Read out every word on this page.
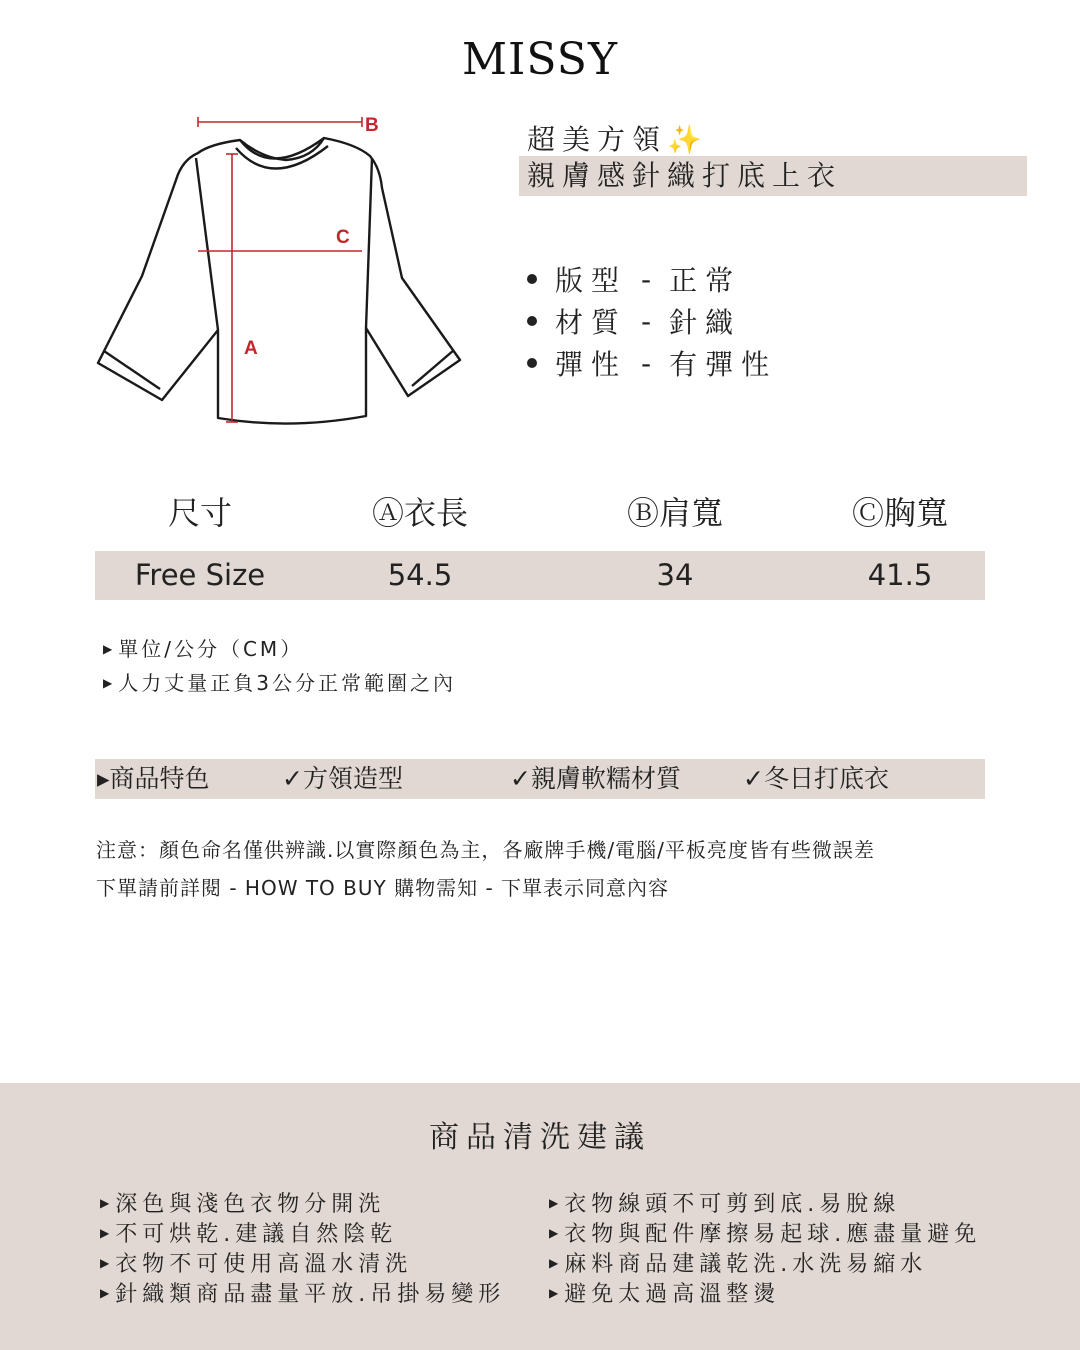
MISSY
B
C
A
超美方領✨
親膚感針織打底上衣
版型 - 正常
材質 - 針織
彈性 - 有彈性
尺寸	Ⓐ衣長	Ⓑ肩寬	Ⓒ胸寬
Free Size	54.5	34	41.5
▶ 單位/公分（CM）
▶ 人力丈量正負3公分正常範圍之內
▸商品特色	✓方領造型	✓親膚軟糯材質 ✓冬日打底衣
注意：顏色命名僅供辨識.以實際顏色為主，各廠牌手機/電腦/平板亮度皆有些微誤差
下單請前詳閱 - HOW TO BUY 購物需知 - 下單表示同意內容
商品清洗建議
▶ 深色與淺色衣物分開洗
▶ 不可烘乾.建議自然陰乾
▶ 衣物不可使用高溫水清洗
▶ 針織類商品盡量平放.吊掛易變形
▶ 衣物線頭不可剪到底.易脫線
▶ 衣物與配件摩擦易起球.應盡量避免
▶ 麻料商品建議乾洗.水洗易縮水
▶ 避免太過高溫整燙
